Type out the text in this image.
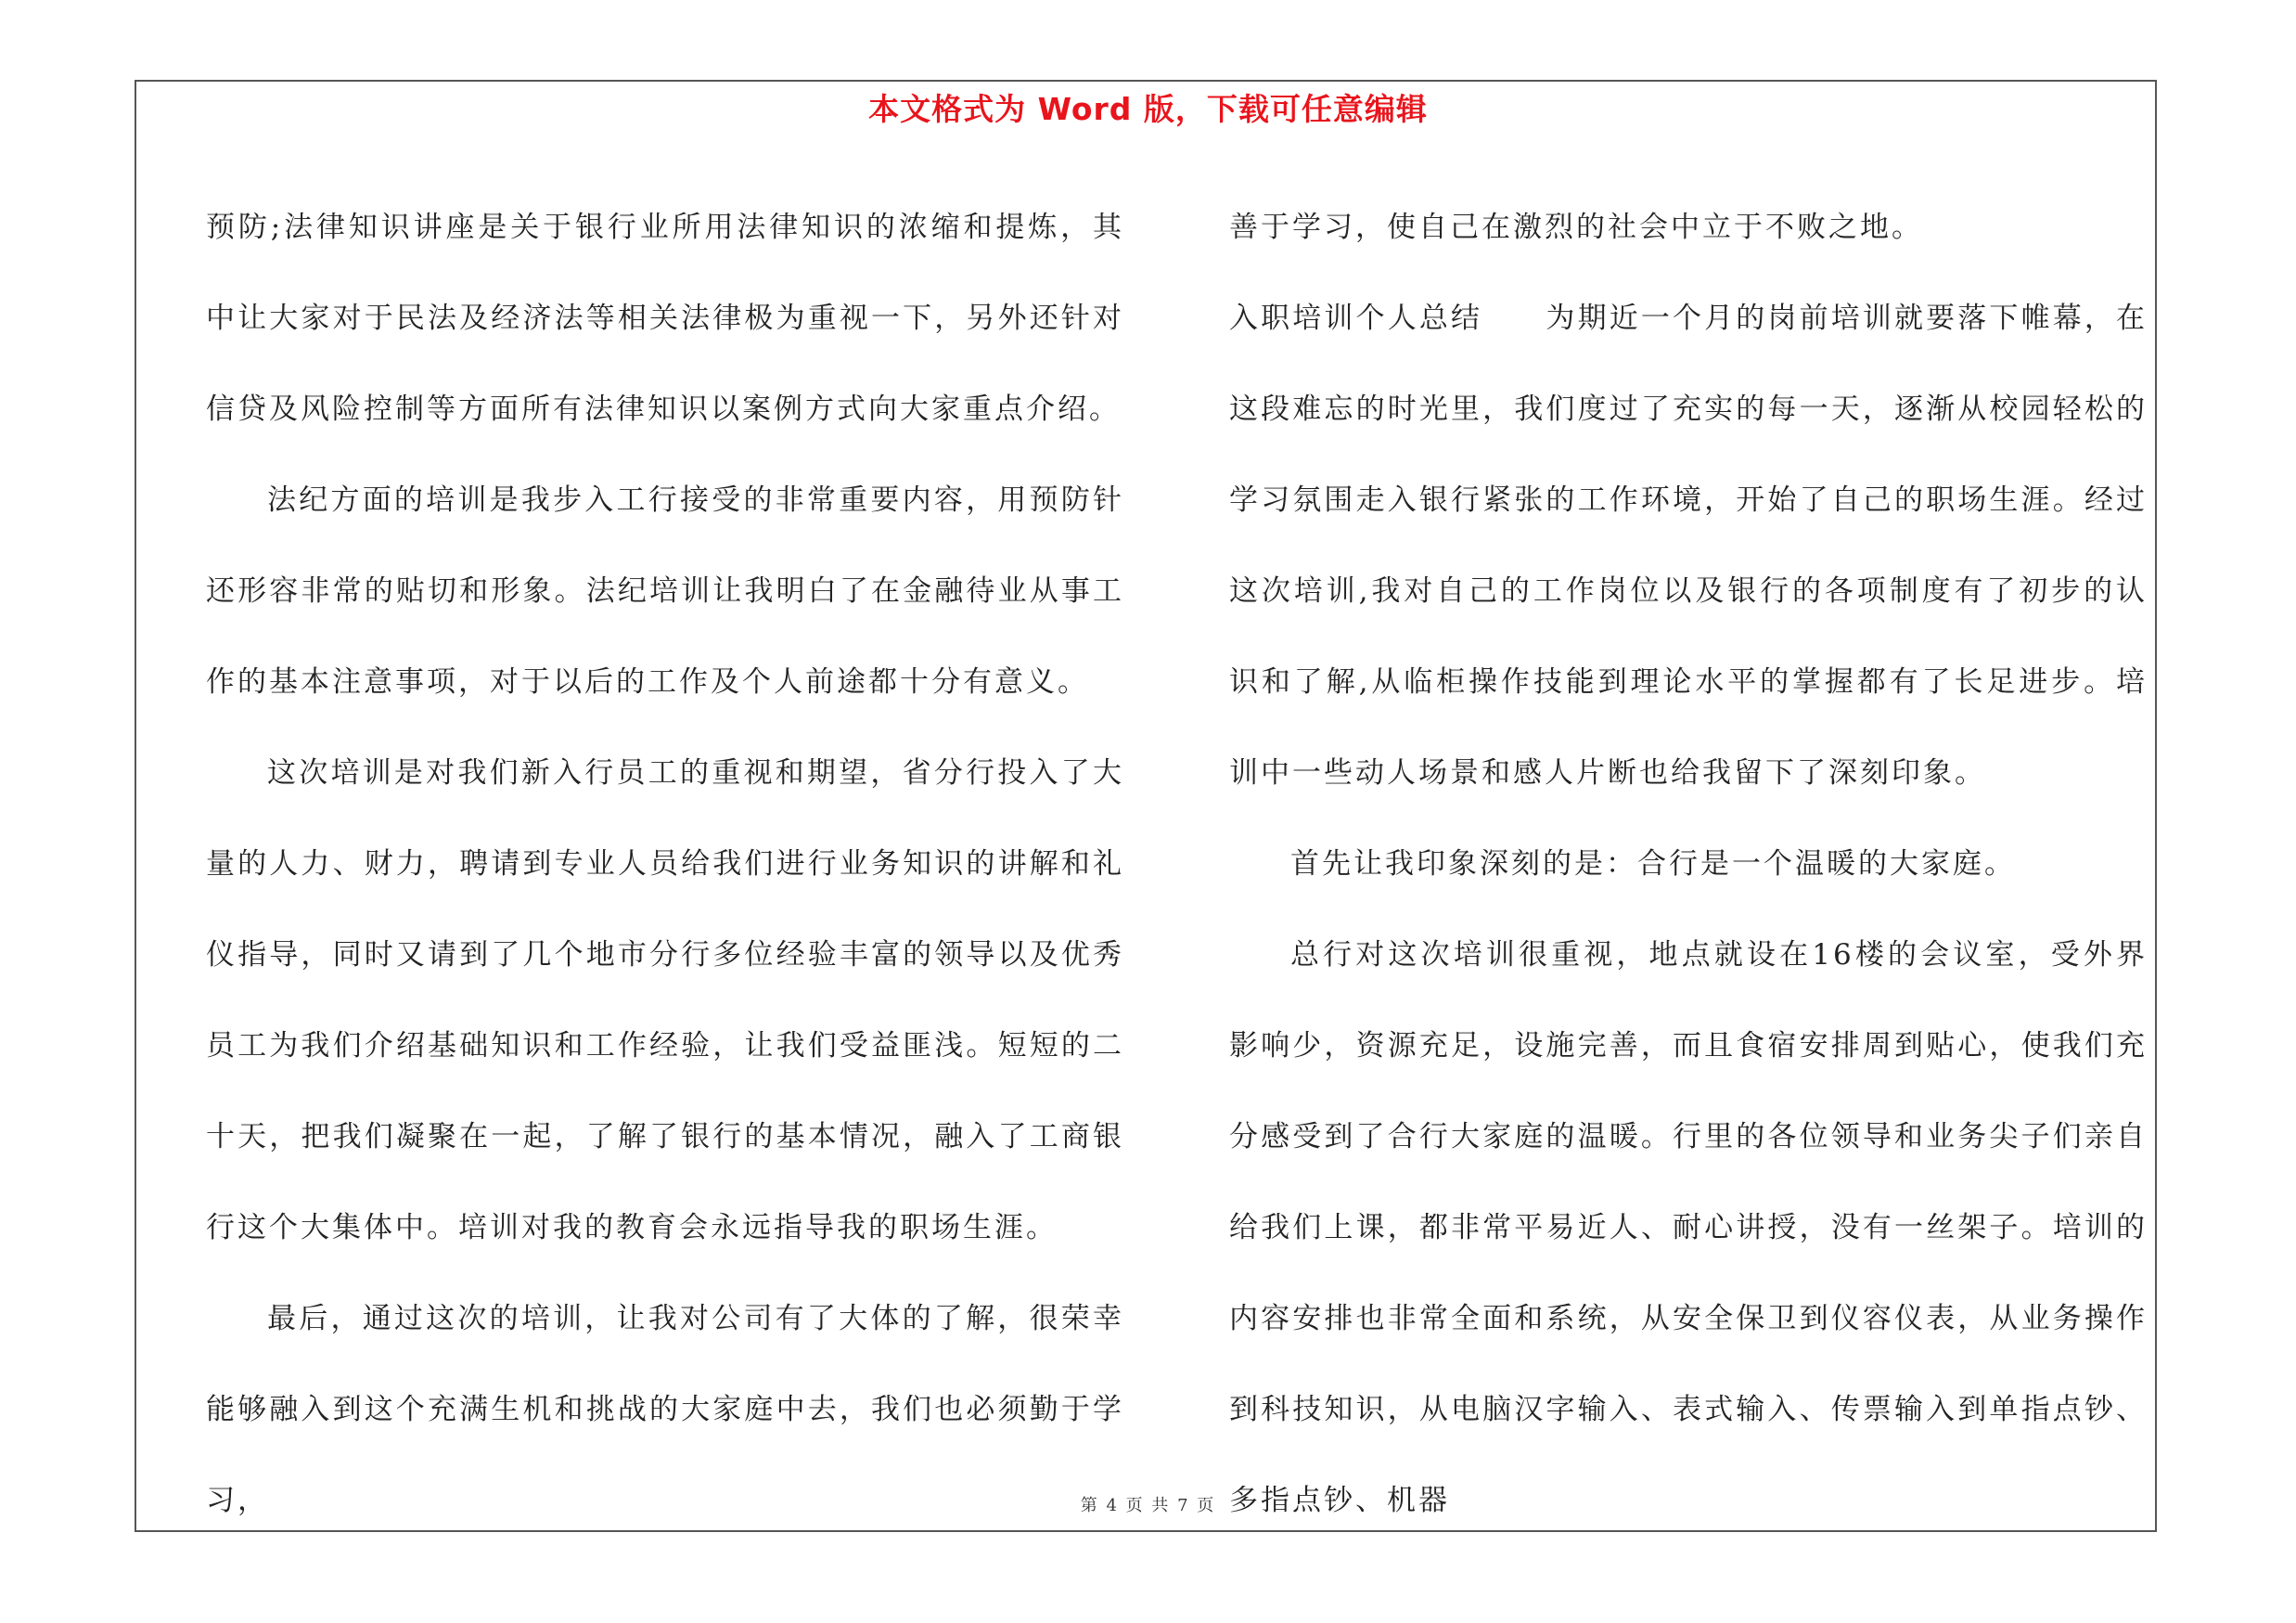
本文格式为 Word 版，下载可任意编辑

预防;法律知识讲座是关于银行业所用法律知识的浓缩和提炼，其中让大家对于民法及经济法等相关法律极为重视一下，另外还针对信贷及风险控制等方面所有法律知识以案例方式向大家重点介绍。

法纪方面的培训是我步入工行接受的非常重要内容，用预防针还形容非常的贴切和形象。法纪培训让我明白了在金融待业从事工作的基本注意事项，对于以后的工作及个人前途都十分有意义。

这次培训是对我们新入行员工的重视和期望，省分行投入了大量的人力、财力，聘请到专业人员给我们进行业务知识的讲解和礼仪指导，同时又请到了几个地市分行多位经验丰富的领导以及优秀员工为我们介绍基础知识和工作经验，让我们受益匪浅。短短的二十天，把我们凝聚在一起，了解了银行的基本情况，融入了工商银行这个大集体中。培训对我的教育会永远指导我的职场生涯。

最后，通过这次的培训，让我对公司有了大体的了解，很荣幸能够融入到这个充满生机和挑战的大家庭中去，我们也必须勤于学习，

善于学习，使自己在激烈的社会中立于不败之地。

入职培训个人总结　　为期近一个月的岗前培训就要落下帷幕，在这段难忘的时光里，我们度过了充实的每一天，逐渐从校园轻松的学习氛围走入银行紧张的工作环境，开始了自己的职场生涯。经过这次培训,我对自己的工作岗位以及银行的各项制度有了初步的认识和了解,从临柜操作技能到理论水平的掌握都有了长足进步。培训中一些动人场景和感人片断也给我留下了深刻印象。

首先让我印象深刻的是：合行是一个温暖的大家庭。

总行对这次培训很重视，地点就设在16楼的会议室，受外界影响少，资源充足，设施完善，而且食宿安排周到贴心，使我们充分感受到了合行大家庭的温暖。行里的各位领导和业务尖子们亲自给我们上课，都非常平易近人、耐心讲授，没有一丝架子。培训的内容安排也非常全面和系统，从安全保卫到仪容仪表，从业务操作到科技知识，从电脑汉字输入、表式输入、传票输入到单指点钞、多指点钞、机器

第 4 页 共 7 页
